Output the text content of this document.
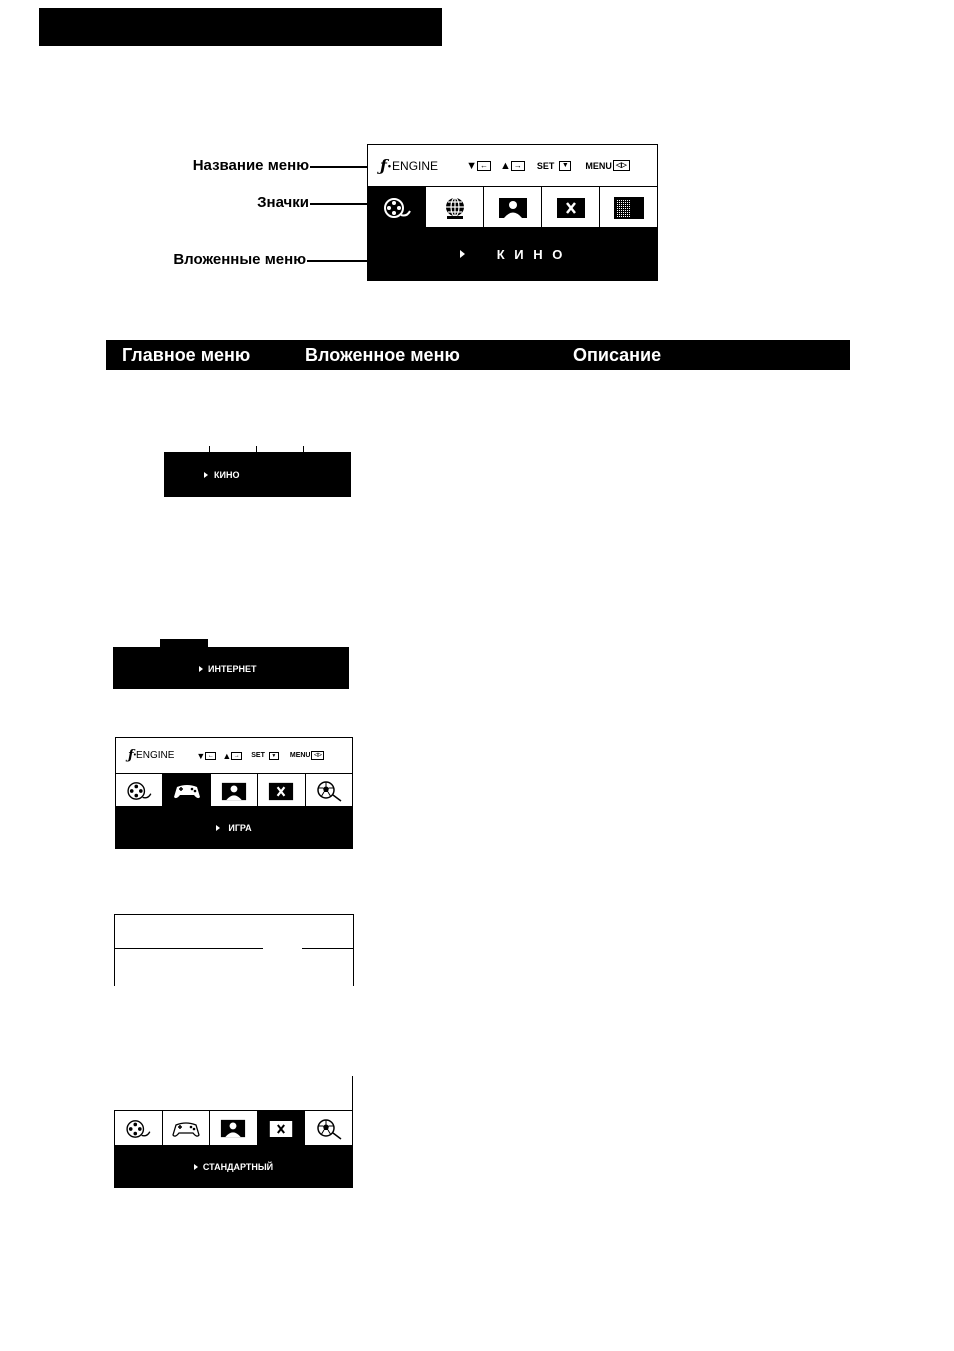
Название меню
Значки
Вложенные меню
ƒ • ENGINE	▼ ← ▲ →	SET	▼ MENU ◁▷
К И Н О
Главное меню	Вложенное меню	Описание
КИНО
ИНТЕРНЕТ
ƒ • ENGINE ▼ ← ▲ →	SET	▼	MENU ◁▷
ИГРА
СТАНДАРТНЫЙ
